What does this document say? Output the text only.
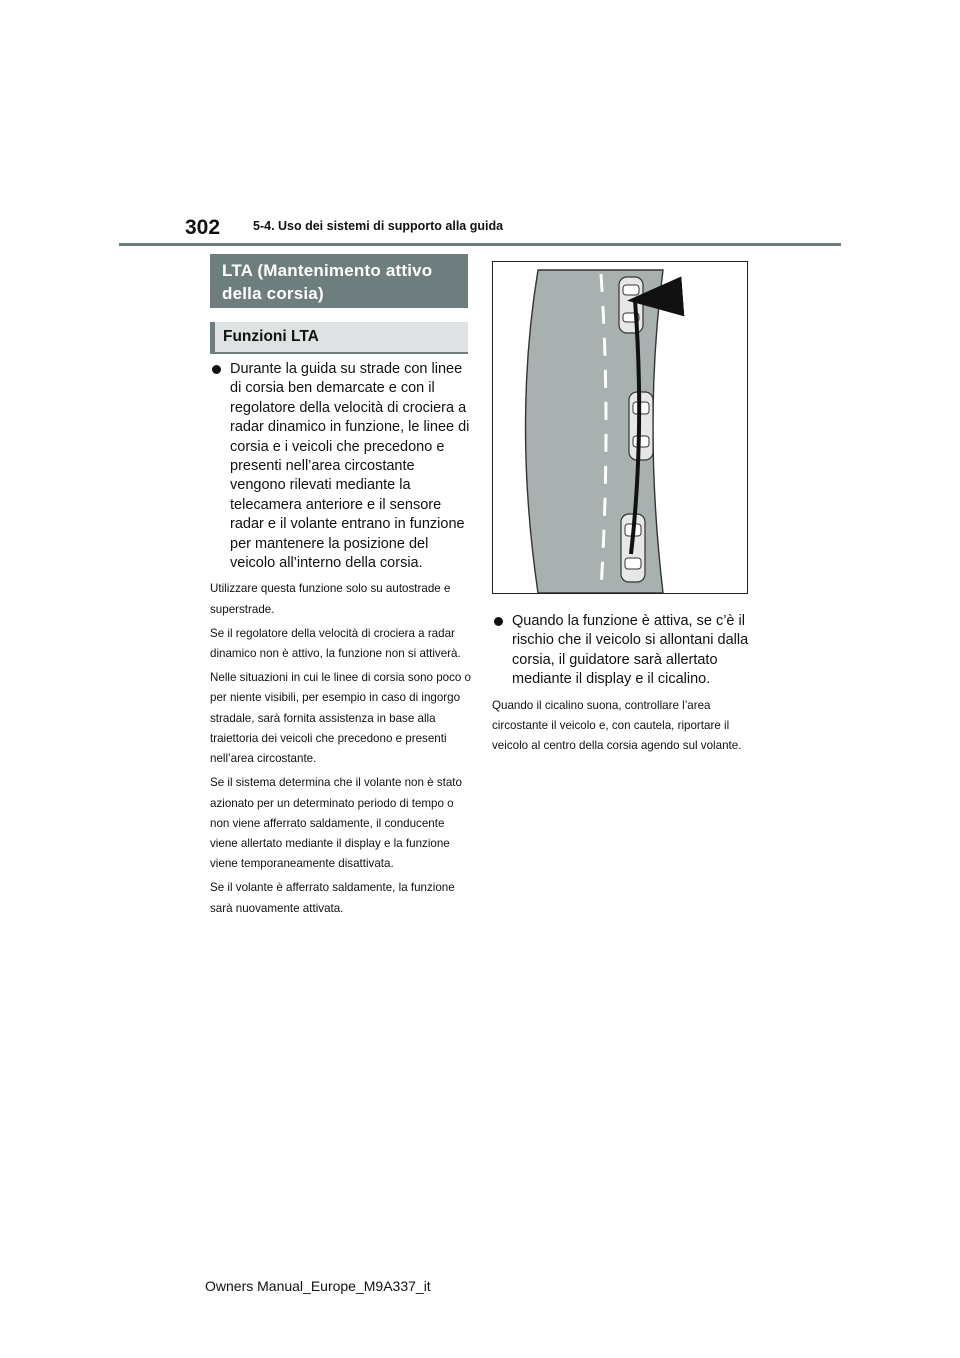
302	5-4. Uso dei sistemi di supporto alla guida
LTA (Mantenimento attivo della corsia)
Funzioni LTA

Durante la guida su strade con linee di corsia ben demarcate e con il regolatore della velocità di crociera a radar dinamico in funzione, le linee di corsia e i veicoli che precedono e presenti nell’area circostante vengono rilevati mediante la telecamera anteriore e il sensore radar e il volante entrano in funzione per mantenere la posizione del veicolo all’interno della corsia.

Utilizzare questa funzione solo su autostrade e superstrade.

Se il regolatore della velocità di crociera a radar dinamico non è attivo, la funzione non si attiverà.

Nelle situazioni in cui le linee di corsia sono poco o per niente visibili, per esempio in caso di ingorgo stradale, sarà fornita assistenza in base alla traiettoria dei veicoli che precedono e presenti nell’area circostante.

Se il sistema determina che il volante non è stato azionato per un determinato periodo di tempo o non viene afferrato saldamente, il conducente viene allertato mediante il display e la funzione viene temporaneamente disattivata.

Se il volante è afferrato saldamente, la funzione sarà nuovamente attivata.

Quando la funzione è attiva, se c’è il rischio che il veicolo si allontani dalla corsia, il guidatore sarà allertato mediante il display e il cicalino.

Quando il cicalino suona, controllare l’area circostante il veicolo e, con cautela, riportare il veicolo al centro della corsia agendo sul volante.

Owners Manual_Europe_M9A337_it
